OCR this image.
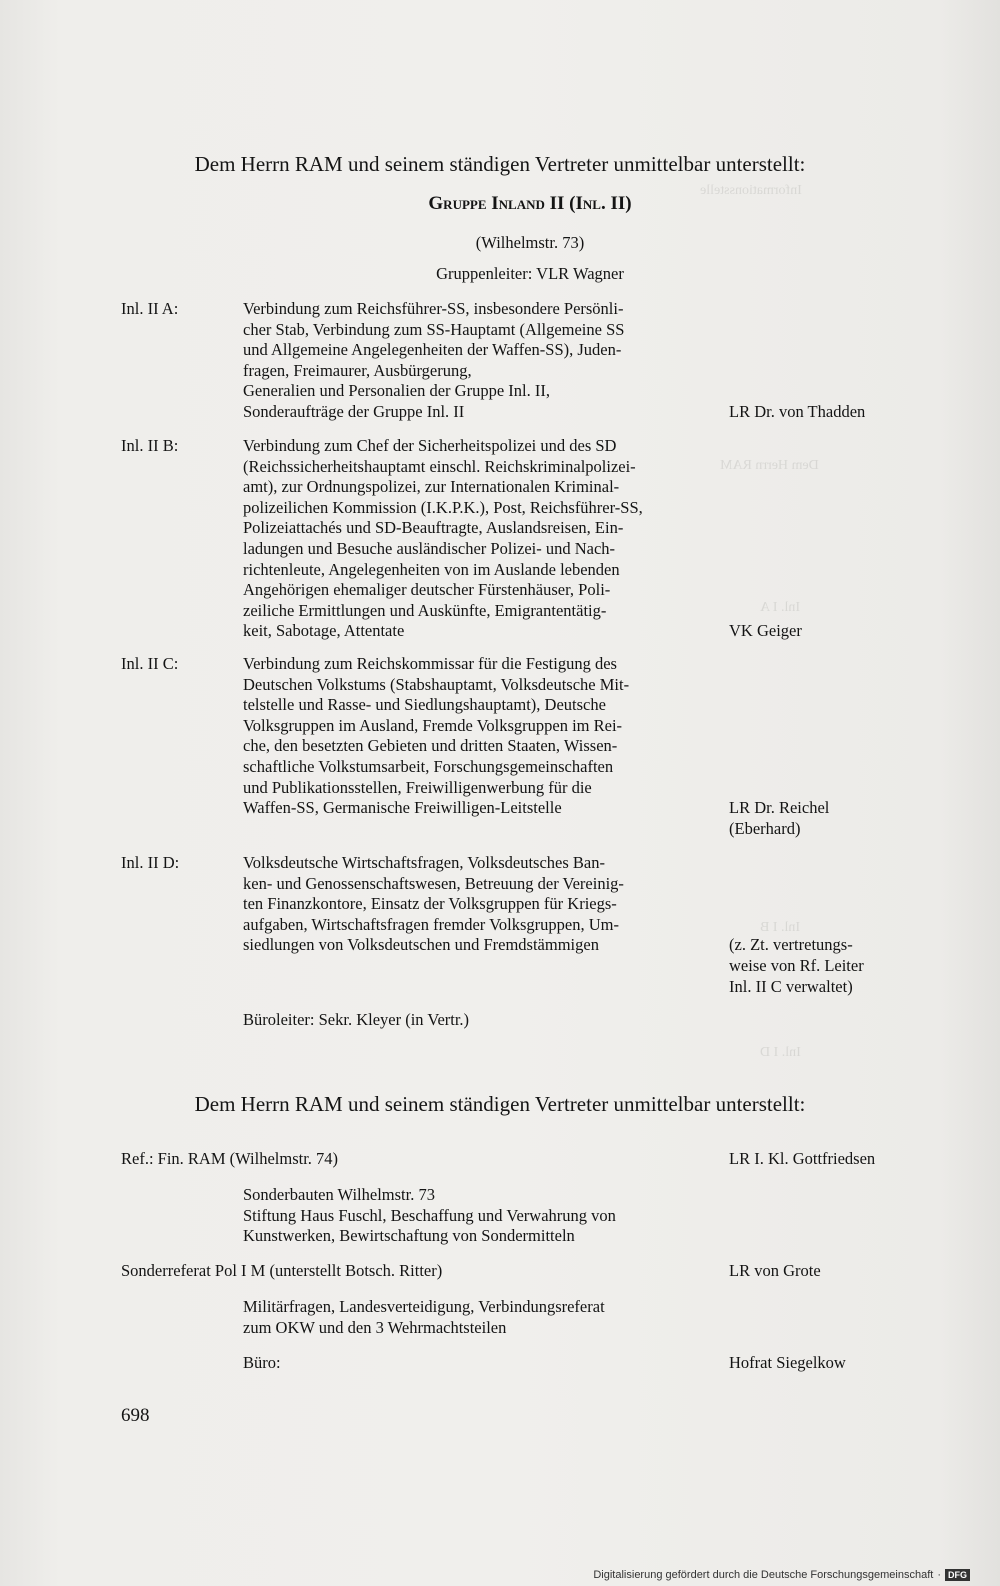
Informationsstelle
Dem Herrn RAM
Inl. I A
Inl. I B
Inl. I D
Dem Herrn RAM und seinem ständigen Vertreter unmittelbar unterstellt:
Gruppe Inland II (Inl. II)
(Wilhelmstr. 73)
Gruppenleiter: VLR Wagner
Inl. II A:	Verbindung zum Reichsführer-SS, insbesondere Persönli-
cher Stab, Verbindung zum SS-Hauptamt (Allgemeine SS
und Allgemeine Angelegenheiten der Waffen-SS), Juden-
fragen, Freimaurer, Ausbürgerung,
Generalien und Personalien der Gruppe Inl. II,
Sonderaufträge der Gruppe Inl. II	LR Dr. von Thadden
Inl. II B:	Verbindung zum Chef der Sicherheitspolizei und des SD
(Reichssicherheitshauptamt einschl. Reichskriminalpolizei-
amt), zur Ordnungspolizei, zur Internationalen Kriminal-
polizeilichen Kommission (I.K.P.K.), Post, Reichsführer-SS,
Polizeiattachés und SD-Beauftragte, Auslandsreisen, Ein-
ladungen und Besuche ausländischer Polizei- und Nach-
richtenleute, Angelegenheiten von im Auslande lebenden
Angehörigen ehemaliger deutscher Fürstenhäuser, Poli-
zeiliche Ermittlungen und Auskünfte, Emigrantentätig-
keit, Sabotage, Attentate	VK Geiger
Inl. II C:	Verbindung zum Reichskommissar für die Festigung des
Deutschen Volkstums (Stabshauptamt, Volksdeutsche Mit-
telstelle und Rasse- und Siedlungshauptamt), Deutsche
Volksgruppen im Ausland, Fremde Volksgruppen im Rei-
che, den besetzten Gebieten und dritten Staaten, Wissen-
schaftliche Volkstumsarbeit, Forschungsgemeinschaften
und Publikationsstellen, Freiwilligenwerbung für die
Waffen-SS, Germanische Freiwilligen-Leitstelle	LR Dr. Reichel
(Eberhard)
Inl. II D:	Volksdeutsche Wirtschaftsfragen, Volksdeutsches Ban-
ken- und Genossenschaftswesen, Betreuung der Vereinig-
ten Finanzkontore, Einsatz der Volksgruppen für Kriegs-
aufgaben, Wirtschaftsfragen fremder Volksgruppen, Um-
siedlungen von Volksdeutschen und Fremdstämmigen	(z. Zt. vertretungs-
weise von Rf. Leiter
Inl. II C verwaltet)
Büroleiter: Sekr. Kleyer (in Vertr.)
Dem Herrn RAM und seinem ständigen Vertreter unmittelbar unterstellt:
Ref.: Fin. RAM (Wilhelmstr. 74)	LR I. Kl. Gottfriedsen
Sonderbauten Wilhelmstr. 73
Stiftung Haus Fuschl, Beschaffung und Verwahrung von
Kunstwerken, Bewirtschaftung von Sondermitteln
Sonderreferat Pol I M (unterstellt Botsch. Ritter)	LR von Grote
Militärfragen, Landesverteidigung, Verbindungsreferat
zum OKW und den 3 Wehrmachtsteilen
Büro:	Hofrat Siegelkow
698
Digitalisierung gefördert durch die Deutsche Forschungsgemeinschaft · DFG
